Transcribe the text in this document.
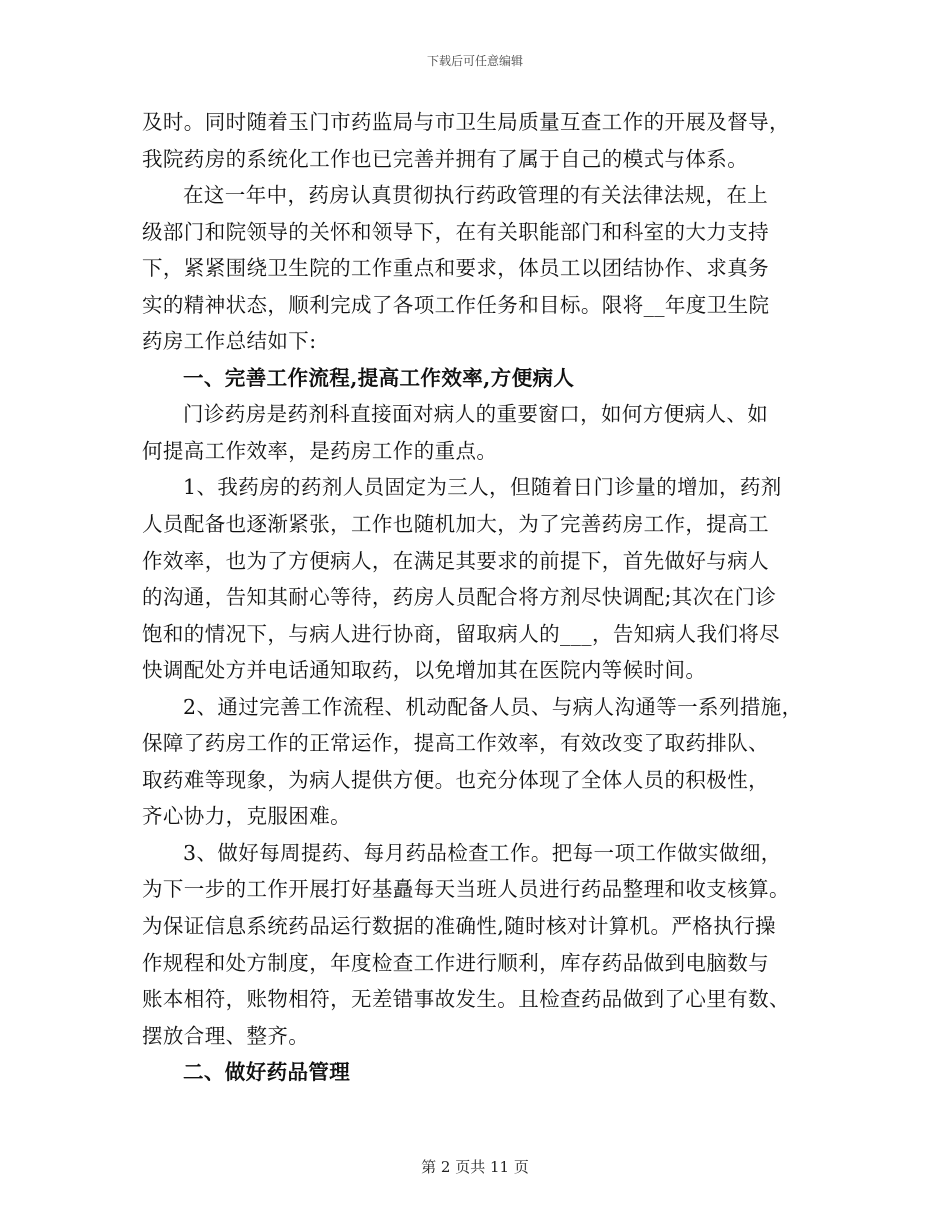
下载后可任意编辑
及时。同时随着玉门市药监局与市卫生局质量互查工作的开展及督导，
我院药房的系统化工作也已完善并拥有了属于自己的模式与体系。
在这一年中，药房认真贯彻执行药政管理的有关法律法规，在上
级部门和院领导的关怀和领导下，在有关职能部门和科室的大力支持
下，紧紧围绕卫生院的工作重点和要求，体员工以团结协作、求真务
实的精神状态，顺利完成了各项工作任务和目标。限将__年度卫生院
药房工作总结如下:
一、完善工作流程,提高工作效率,方便病人
门诊药房是药剂科直接面对病人的重要窗口，如何方便病人、如
何提高工作效率，是药房工作的重点。
1、我药房的药剂人员固定为三人，但随着日门诊量的增加，药剂
人员配备也逐渐紧张，工作也随机加大，为了完善药房工作，提高工
作效率，也为了方便病人，在满足其要求的前提下，首先做好与病人
的沟通，告知其耐心等待，药房人员配合将方剂尽快调配;其次在门诊
饱和的情况下，与病人进行协商，留取病人的___，告知病人我们将尽
快调配处方并电话通知取药，以免增加其在医院内等候时间。
2、通过完善工作流程、机动配备人员、与病人沟通等一系列措施，
保障了药房工作的正常运作，提高工作效率，有效改变了取药排队、
取药难等现象，为病人提供方便。也充分体现了全体人员的积极性，
齐心协力，克服困难。
3、做好每周提药、每月药品检查工作。把每一项工作做实做细，
为下一步的工作开展打好基矗每天当班人员进行药品整理和收支核算。
为保证信息系统药品运行数据的准确性,随时核对计算机。严格执行操
作规程和处方制度，年度检查工作进行顺利，库存药品做到电脑数与
账本相符，账物相符，无差错事故发生。且检查药品做到了心里有数、
摆放合理、整齐。
二、做好药品管理
第 2 页共 11 页
